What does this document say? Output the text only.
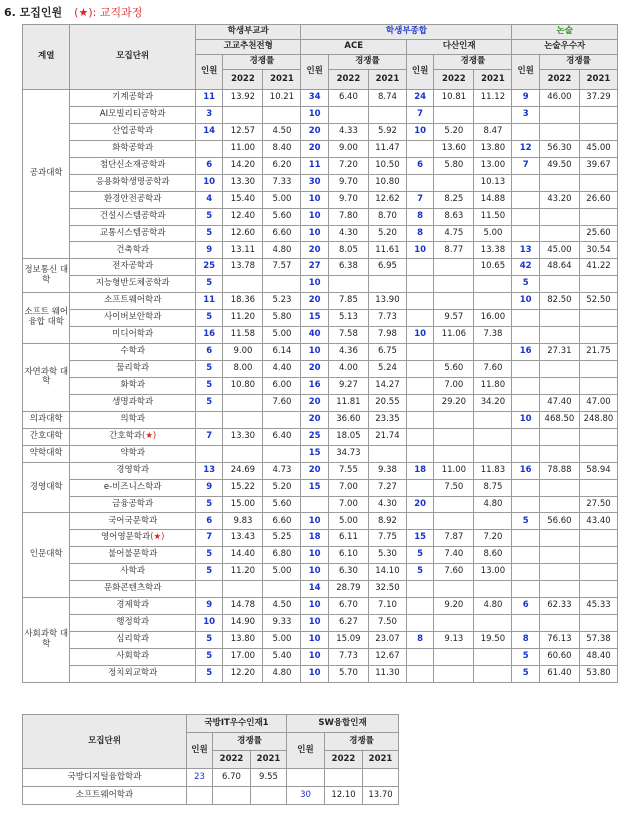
6. 모집인원 (★): 교직과정
계열	모집단위	학생부교과			학생부종합						논술		
		고교추천전형			ACE			다산인재			논술우수자		
		인원	경쟁률		인원	경쟁률		인원	경쟁률		인원	경쟁률	
			2022	2021		2022	2021		2022	2021		2022	2021
공과대학	기계공학과	11	13.92	10.21	34	6.40	8.74	24	10.81	11.12	9	46.00	37.29
	AI모빌리티공학과	3			10			7			3		
	산업공학과	14	12.57	4.50	20	4.33	5.92	10	5.20	8.47			
	화학공학과		11.00	8.40	20	9.00	11.47		13.60	13.80	12	56.30	45.00
	첨단신소재공학과	6	14.20	6.20	11	7.20	10.50	6	5.80	13.00	7	49.50	39.67
	응용화학생명공학과	10	13.30	7.33	30	9.70	10.80			10.13			
	환경안전공학과	4	15.40	5.00	10	9.70	12.62	7	8.25	14.88		43.20	26.60
	건설시스템공학과	5	12.40	5.60	10	7.80	8.70	8	8.63	11.50			
	교통시스템공학과	5	12.60	6.60	10	4.30	5.20	8	4.75	5.00			25.60
	건축학과	9	13.11	4.80	20	8.05	11.61	10	8.77	13.38	13	45.00	30.54
정보통신 대학	전자공학과	25	13.78	7.57	27	6.38	6.95			10.65	42	48.64	41.22
	지능형반도체공학과	5			10						5		
소프트 웨어융합 대학	소프트웨어학과	11	18.36	5.23	20	7.85	13.90				10	82.50	52.50
	사이버보안학과	5	11.20	5.80	15	5.13	7.73		9.57	16.00			
	미디어학과	16	11.58	5.00	40	7.58	7.98	10	11.06	7.38			
자연과학 대학	수학과	6	9.00	6.14	10	4.36	6.75				16	27.31	21.75
	물리학과	5	8.00	4.40	20	4.00	5.24		5.60	7.60			
	화학과	5	10.80	6.00	16	9.27	14.27		7.00	11.80			
	생명과학과	5		7.60	20	11.81	20.55		29.20	34.20		47.40	47.00
의과대학	의학과				20	36.60	23.35				10	468.50	248.80
간호대학	간호학과(★)	7	13.30	6.40	25	18.05	21.74						
약학대학	약학과				15	34.73							
경영대학	경영학과	13	24.69	4.73	20	7.55	9.38	18	11.00	11.83	16	78.88	58.94
	e-비즈니스학과	9	15.22	5.20	15	7.00	7.27		7.50	8.75			
	금융공학과	5	15.00	5.60		7.00	4.30	20		4.80			27.50
인문대학	국어국문학과	6	9.83	6.60	10	5.00	8.92				5	56.60	43.40
	영어영문학과(★)	7	13.43	5.25	18	6.11	7.75	15	7.87	7.20			
	불어불문학과	5	14.40	6.80	10	6.10	5.30	5	7.40	8.60			
	사학과	5	11.20	5.00	10	6.30	14.10	5	7.60	13.00			
	문화콘텐츠학과				14	28.79	32.50						
사회과학 대학	경제학과	9	14.78	4.50	10	6.70	7.10		9.20	4.80	6	62.33	45.33
	행정학과	10	14.90	9.33	10	6.27	7.50						
	심리학과	5	13.80	5.00	10	15.09	23.07	8	9.13	19.50	8	76.13	57.38
	사회학과	5	17.00	5.40	10	7.73	12.67				5	60.60	48.40
	정치외교학과	5	12.20	4.80	10	5.70	11.30				5	61.40	53.80
모집단위	국방IT우수인재1			SW융합인재		
	인원	경쟁률		인원	경쟁률	
		2022	2021		2022	2021
국방디지털융합학과	23	6.70	9.55			
소프트웨어학과				30	12.10	13.70
